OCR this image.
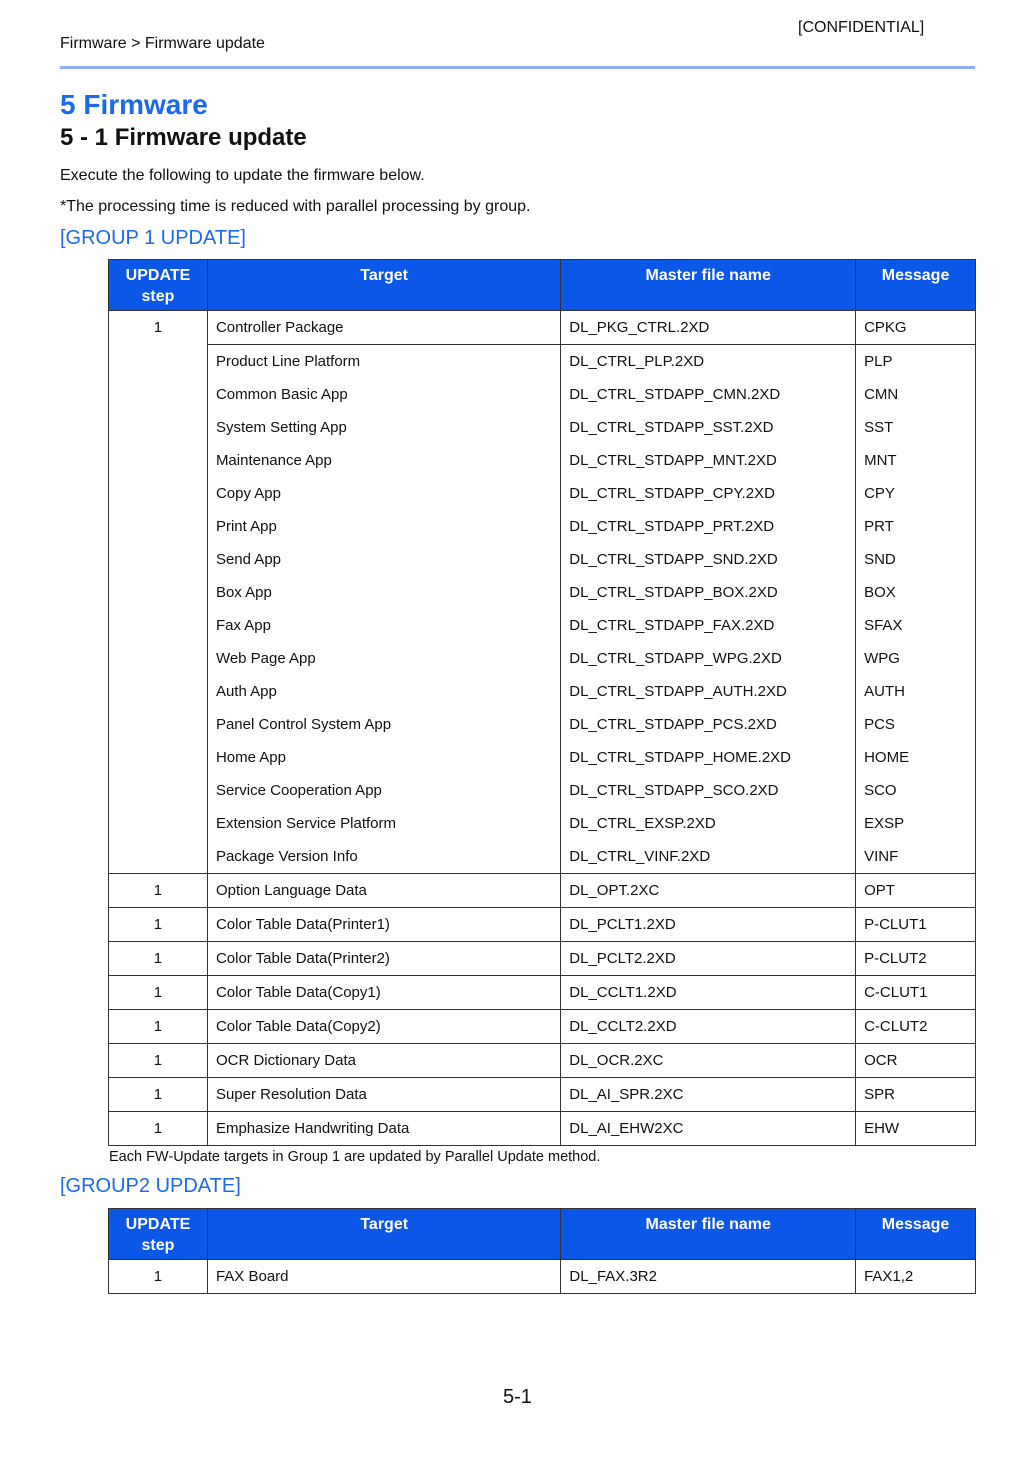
[CONFIDENTIAL]
Firmware > Firmware update
5 Firmware
5 - 1 Firmware update
Execute the following to update the firmware below.
*The processing time is reduced with parallel processing by group.
[GROUP 1 UPDATE]
UPDATE step	Target	Master file name	Message
1	Controller Package	DL_PKG_CTRL.2XD	CPKG
	Product Line Platform	DL_CTRL_PLP.2XD	PLP
	Common Basic App	DL_CTRL_STDAPP_CMN.2XD	CMN
	System Setting App	DL_CTRL_STDAPP_SST.2XD	SST
	Maintenance App	DL_CTRL_STDAPP_MNT.2XD	MNT
	Copy App	DL_CTRL_STDAPP_CPY.2XD	CPY
	Print App	DL_CTRL_STDAPP_PRT.2XD	PRT
	Send App	DL_CTRL_STDAPP_SND.2XD	SND
	Box App	DL_CTRL_STDAPP_BOX.2XD	BOX
	Fax App	DL_CTRL_STDAPP_FAX.2XD	SFAX
	Web Page App	DL_CTRL_STDAPP_WPG.2XD	WPG
	Auth App	DL_CTRL_STDAPP_AUTH.2XD	AUTH
	Panel Control System App	DL_CTRL_STDAPP_PCS.2XD	PCS
	Home App	DL_CTRL_STDAPP_HOME.2XD	HOME
	Service Cooperation App	DL_CTRL_STDAPP_SCO.2XD	SCO
	Extension Service Platform	DL_CTRL_EXSP.2XD	EXSP
	Package Version Info	DL_CTRL_VINF.2XD	VINF
1	Option Language Data	DL_OPT.2XC	OPT
1	Color Table Data(Printer1)	DL_PCLT1.2XD	P-CLUT1
1	Color Table Data(Printer2)	DL_PCLT2.2XD	P-CLUT2
1	Color Table Data(Copy1)	DL_CCLT1.2XD	C-CLUT1
1	Color Table Data(Copy2)	DL_CCLT2.2XD	C-CLUT2
1	OCR Dictionary Data	DL_OCR.2XC	OCR
1	Super Resolution Data	DL_AI_SPR.2XC	SPR
1	Emphasize Handwriting Data	DL_AI_EHW2XC	EHW
Each FW-Update targets in Group 1 are updated by Parallel Update method.
[GROUP2 UPDATE]
UPDATE step	Target	Master file name	Message
1	FAX Board	DL_FAX.3R2	FAX1,2
5-1
